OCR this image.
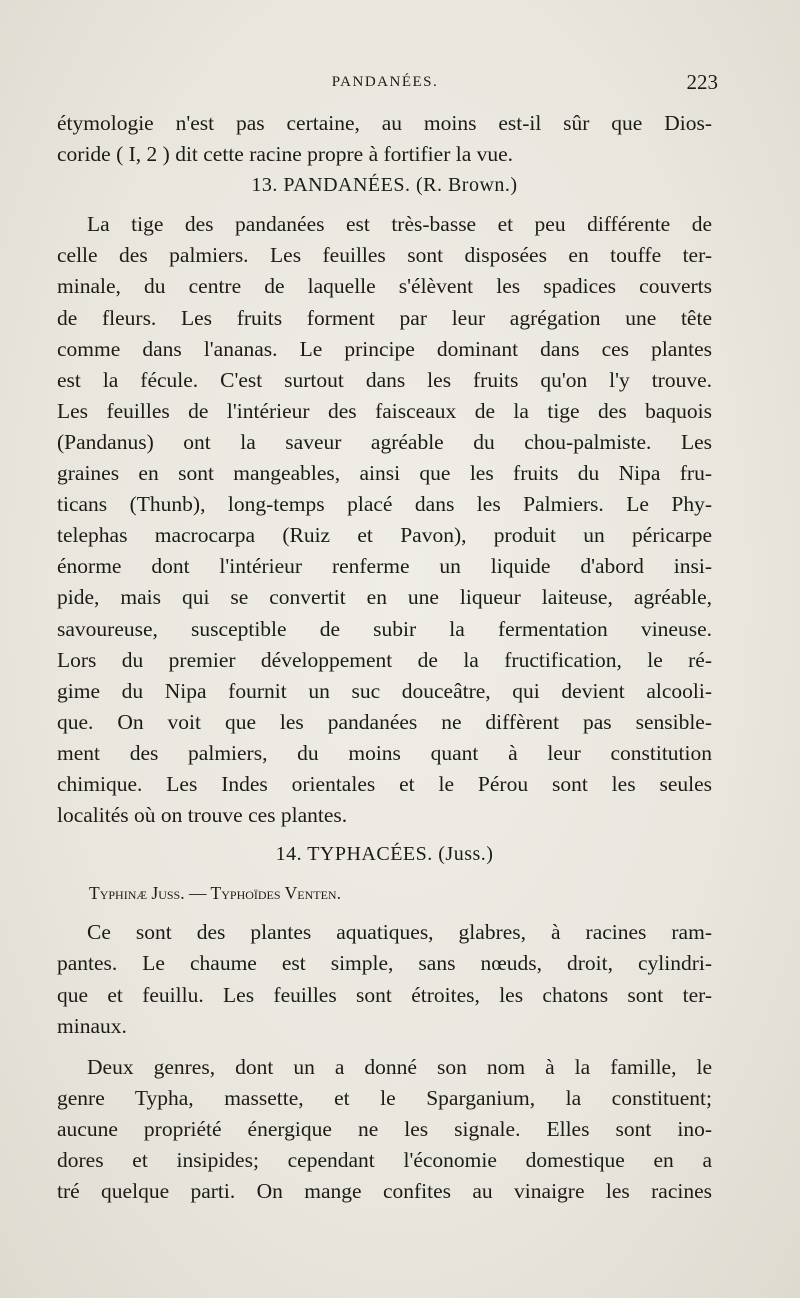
PANDANÉES.	223
étymologie n'est pas certaine, au moins est-il sûr que Dios-
coride ( I, 2 ) dit cette racine propre à fortifier la vue.
13. PANDANÉES. (R. Brown.)
La tige des pandanées est très-basse et peu différente de
celle des palmiers. Les feuilles sont disposées en touffe ter-
minale, du centre de laquelle s'élèvent les spadices couverts
de fleurs. Les fruits forment par leur agrégation une tête
comme dans l'ananas. Le principe dominant dans ces plantes
est la fécule. C'est surtout dans les fruits qu'on l'y trouve.
Les feuilles de l'intérieur des faisceaux de la tige des baquois
(Pandanus) ont la saveur agréable du chou-palmiste. Les
graines en sont mangeables, ainsi que les fruits du Nipa fru-
ticans (Thunb), long-temps placé dans les Palmiers. Le Phy-
telephas macrocarpa (Ruiz et Pavon), produit un péricarpe
énorme dont l'intérieur renferme un liquide d'abord insi-
pide, mais qui se convertit en une liqueur laiteuse, agréable,
savoureuse, susceptible de subir la fermentation vineuse.
Lors du premier développement de la fructification, le ré-
gime du Nipa fournit un suc douceâtre, qui devient alcooli-
que. On voit que les pandanées ne diffèrent pas sensible-
ment des palmiers, du moins quant à leur constitution
chimique. Les Indes orientales et le Pérou sont les seules
localités où on trouve ces plantes.
14. TYPHACÉES. (Juss.)
Typhinæ Juss. — Typhoïdes Venten.
Ce sont des plantes aquatiques, glabres, à racines ram-
pantes. Le chaume est simple, sans nœuds, droit, cylindri-
que et feuillu. Les feuilles sont étroites, les chatons sont ter-
minaux.
Deux genres, dont un a donné son nom à la famille, le
genre Typha, massette, et le Sparganium, la constituent;
aucune propriété énergique ne les signale. Elles sont ino-
dores et insipides; cependant l'économie domestique en a
tré quelque parti. On mange confites au vinaigre les racines
